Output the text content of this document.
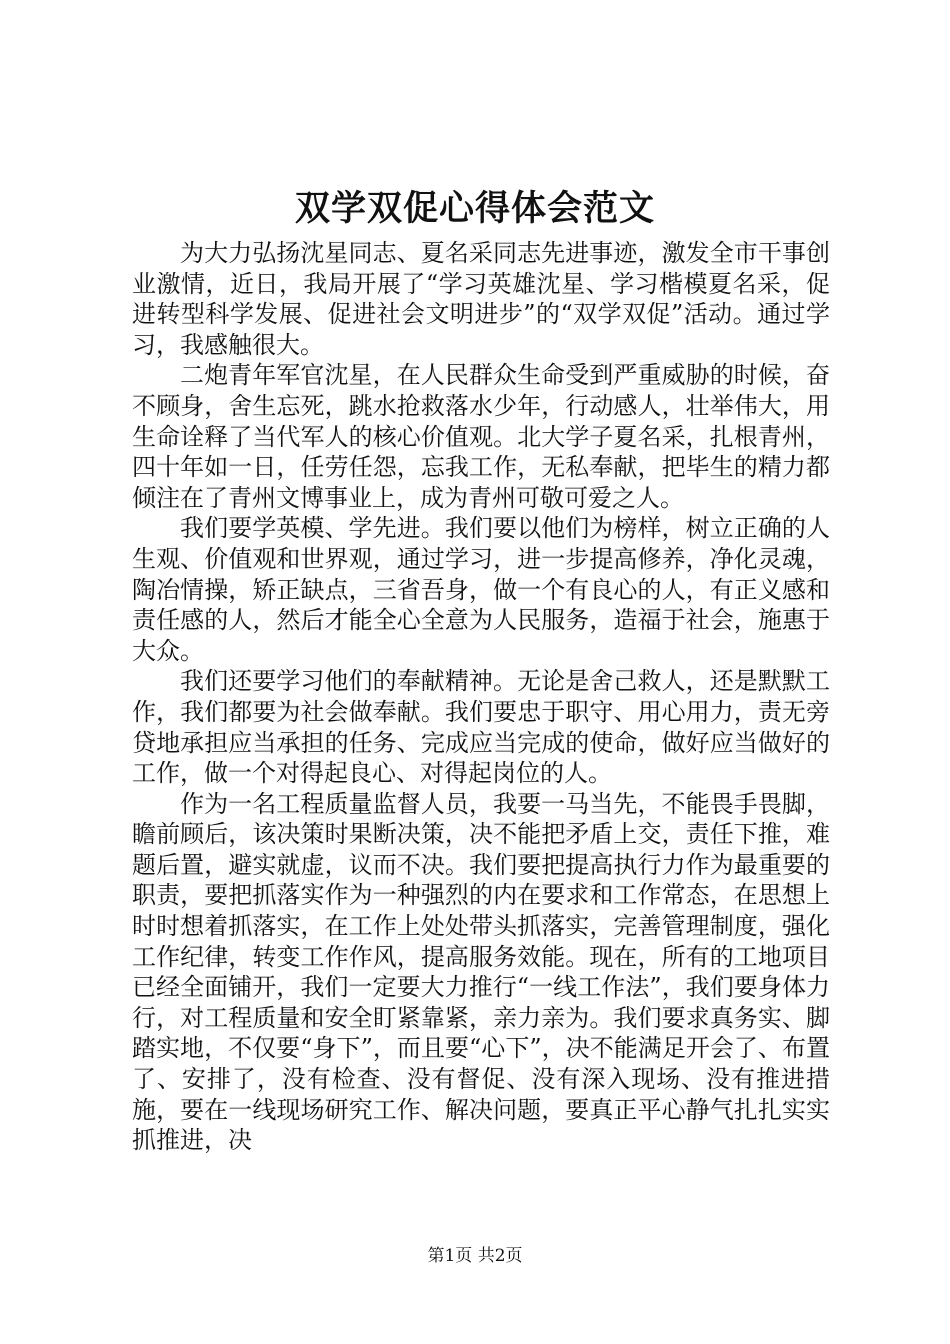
双学双促心得体会范文

为大力弘扬沈星同志、夏名采同志先进事迹，激发全市干事创业激情，近日，我局开展了“学习英雄沈星、学习楷模夏名采，促进转型科学发展、促进社会文明进步”的“双学双促”活动。通过学习，我感触很大。

二炮青年军官沈星，在人民群众生命受到严重威胁的时候，奋不顾身，舍生忘死，跳水抢救落水少年，行动感人，壮举伟大，用生命诠释了当代军人的核心价值观。北大学子夏名采，扎根青州，四十年如一日，任劳任怨，忘我工作，无私奉献，把毕生的精力都倾注在了青州文博事业上，成为青州可敬可爱之人。

我们要学英模、学先进。我们要以他们为榜样，树立正确的人生观、价值观和世界观，通过学习，进一步提高修养，净化灵魂，陶冶情操，矫正缺点，三省吾身，做一个有良心的人，有正义感和责任感的人，然后才能全心全意为人民服务，造福于社会，施惠于大众。

我们还要学习他们的奉献精神。无论是舍己救人，还是默默工作，我们都要为社会做奉献。我们要忠于职守、用心用力，责无旁贷地承担应当承担的任务、完成应当完成的使命，做好应当做好的工作，做一个对得起良心、对得起岗位的人。

作为一名工程质量监督人员，我要一马当先，不能畏手畏脚，瞻前顾后，该决策时果断决策，决不能把矛盾上交，责任下推，难题后置，避实就虚，议而不决。我们要把提高执行力作为最重要的职责，要把抓落实作为一种强烈的内在要求和工作常态，在思想上时时想着抓落实，在工作上处处带头抓落实，完善管理制度，强化工作纪律，转变工作作风，提高服务效能。现在，所有的工地项目已经全面铺开，我们一定要大力推行“一线工作法”，我们要身体力行，对工程质量和安全盯紧靠紧，亲力亲为。我们要求真务实、脚踏实地，不仅要“身下”，而且要“心下”，决不能满足开会了、布置了、安排了，没有检查、没有督促、没有深入现场、没有推进措施，要在一线现场研究工作、解决问题，要真正平心静气扎扎实实抓推进，决

第1页 共2页
